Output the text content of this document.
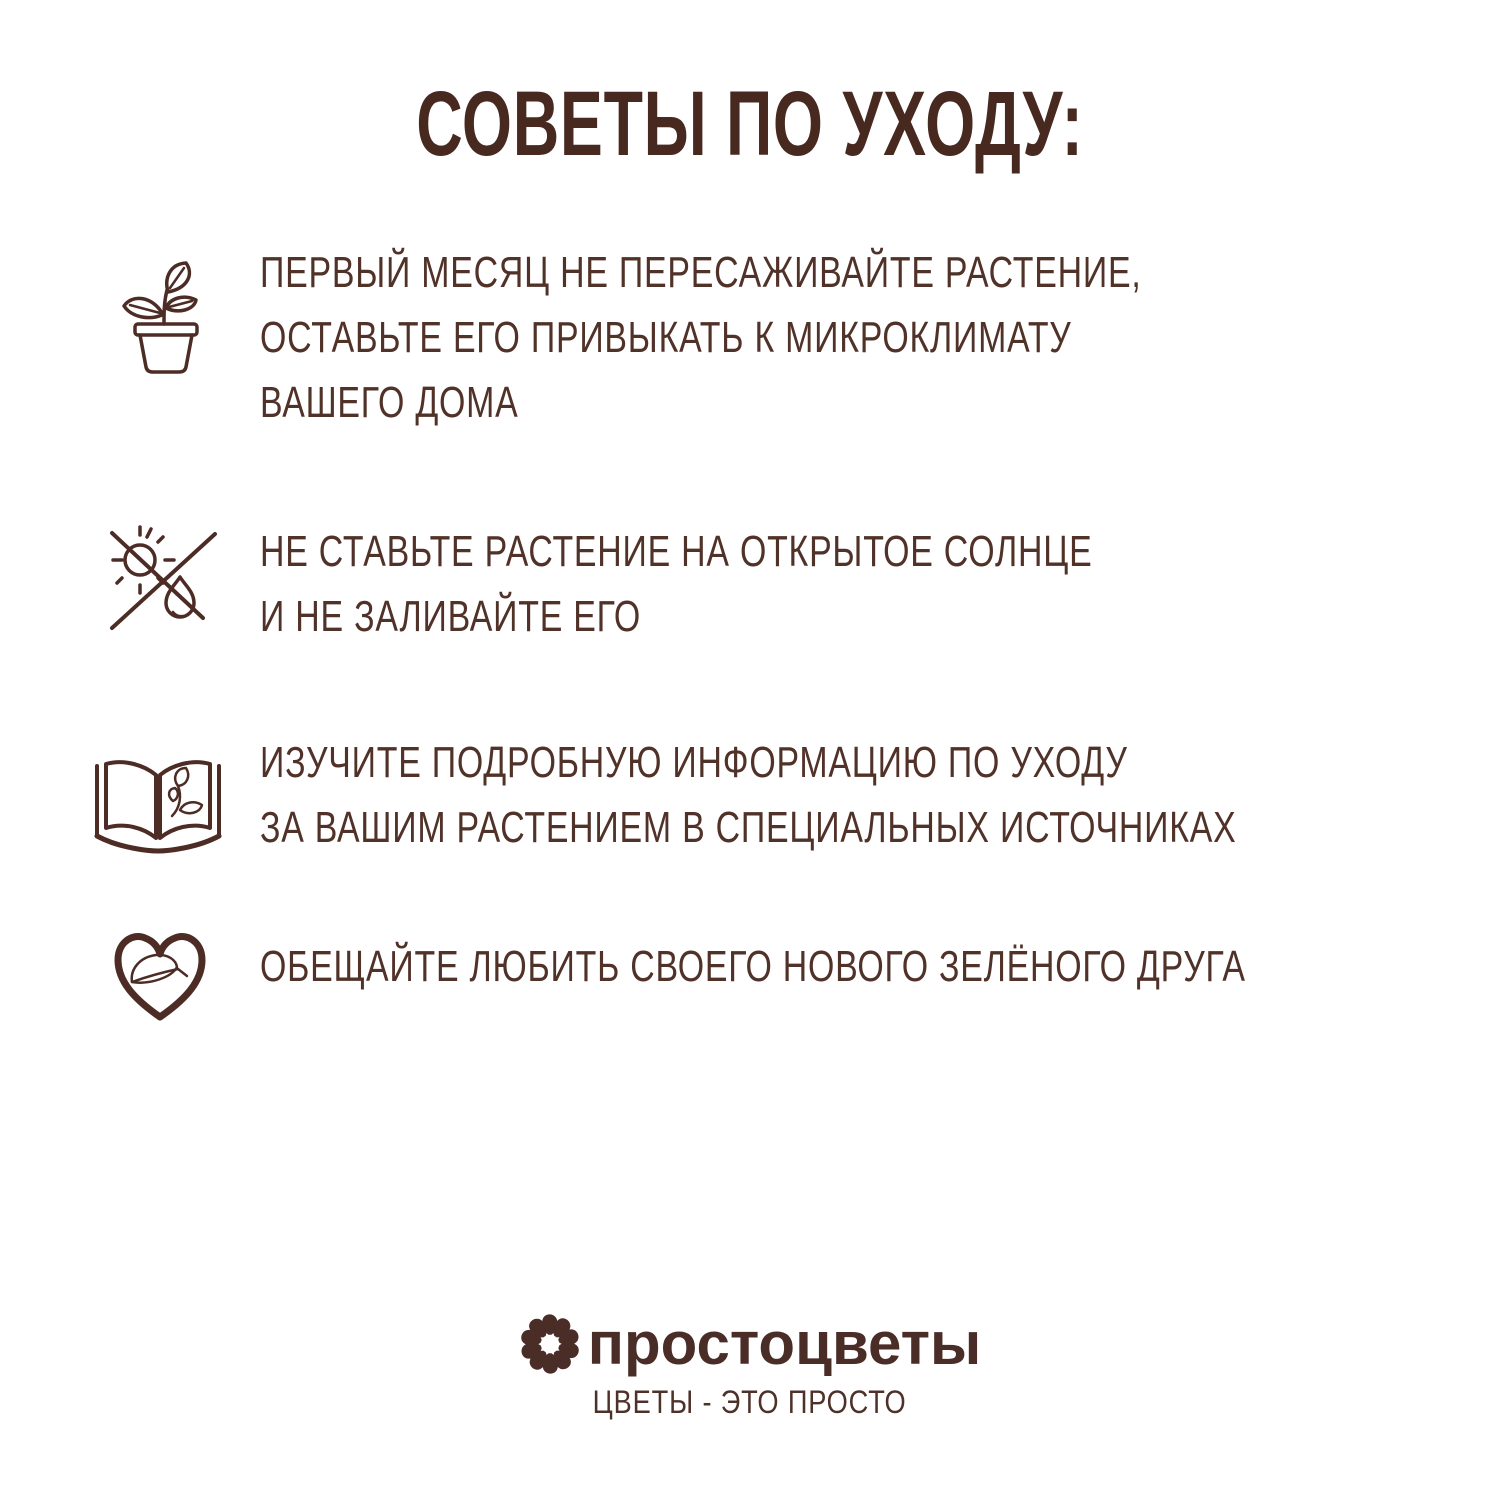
СОВЕТЫ ПО УХОДУ:
ПЕРВЫЙ МЕСЯЦ НЕ ПЕРЕСАЖИВАЙТЕ РАСТЕНИЕ,
ОСТАВЬТЕ ЕГО ПРИВЫКАТЬ К МИКРОКЛИМАТУ
ВАШЕГО ДОМА
НЕ СТАВЬТЕ РАСТЕНИЕ НА ОТКРЫТОЕ СОЛНЦЕ
И НЕ ЗАЛИВАЙТЕ ЕГО
ИЗУЧИТЕ ПОДРОБНУЮ ИНФОРМАЦИЮ ПО УХОДУ
ЗА ВАШИМ РАСТЕНИЕМ В СПЕЦИАЛЬНЫХ ИСТОЧНИКАХ
ОБЕЩАЙТЕ ЛЮБИТЬ СВОЕГО НОВОГО ЗЕЛЁНОГО ДРУГА
простоцветы
ЦВЕТЫ - ЭТО ПРОСТО
